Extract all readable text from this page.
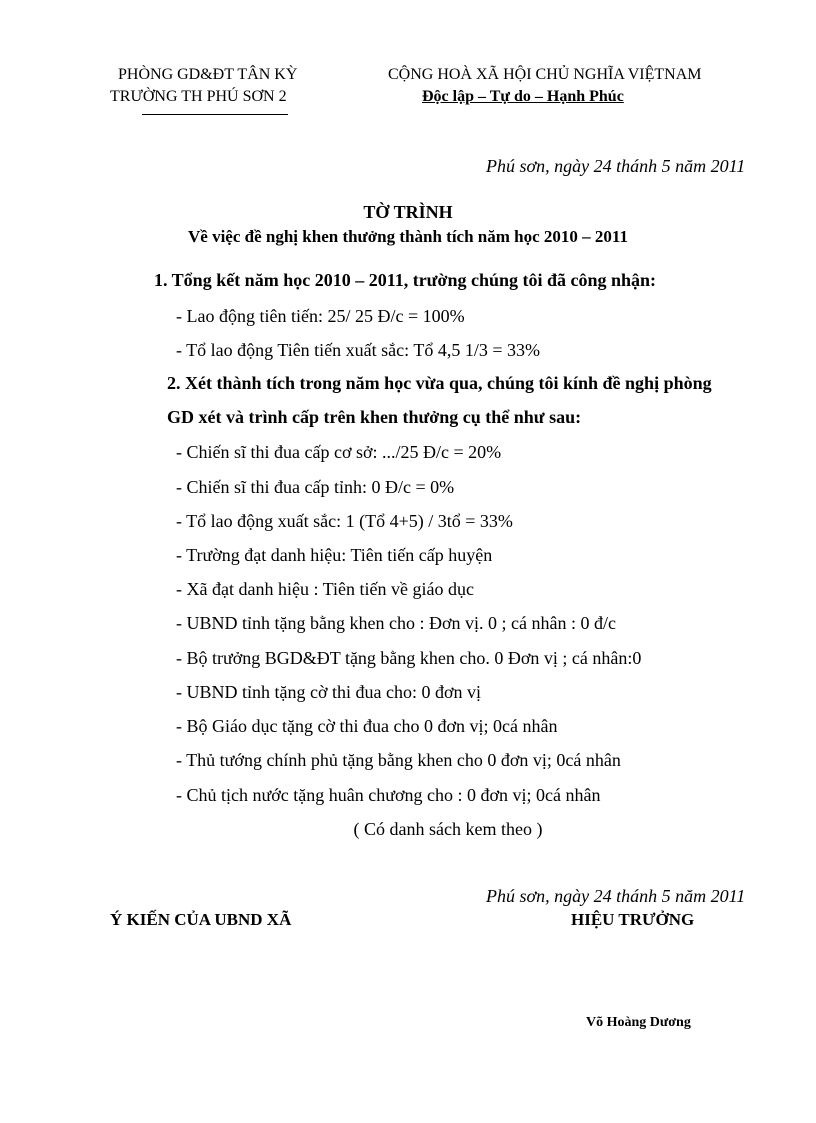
PHÒNG GD&ĐT TÂN KỲ
TRƯỜNG TH PHÚ SƠN 2
CỘNG HOÀ XÃ HỘI CHỦ NGHĨA VIỆTNAM
Độc lập – Tự do – Hạnh Phúc
Phú sơn, ngày 24 thánh 5 năm 2011
TỜ TRÌNH
Về việc đề nghị khen thưởng thành tích năm học 2010 – 2011
1. Tổng kết năm học 2010 – 2011, trường chúng tôi đã công nhận:
- Lao động tiên tiến: 25/ 25 Đ/c = 100%
- Tổ lao động Tiên tiến xuất sắc: Tổ 4,5 1/3 = 33%
2. Xét thành tích trong năm học vừa qua, chúng tôi kính đề nghị phòng
GD xét và trình cấp trên khen thưởng cụ thể như sau:
- Chiến sĩ thi đua cấp cơ sở: .../25 Đ/c = 20%
- Chiến sĩ thi đua cấp tỉnh: 0 Đ/c = 0%
- Tổ lao động xuất sắc: 1 (Tổ 4+5) / 3tổ = 33%
- Trường đạt danh hiệu: Tiên tiến cấp huyện
- Xã đạt danh hiệu : Tiên tiến về giáo dục
- UBND tỉnh tặng bằng khen cho : Đơn vị. 0 ; cá nhân : 0 đ/c
- Bộ trưởng BGD&ĐT tặng bằng khen cho. 0 Đơn vị ; cá nhân:0
- UBND tỉnh tặng cờ thi đua cho: 0 đơn vị
- Bộ Giáo dục tặng cờ thi đua cho 0 đơn vị; 0cá nhân
- Thủ tướng chính phủ tặng bằng khen cho 0 đơn vị; 0cá nhân
- Chủ tịch nước tặng huân chương cho : 0 đơn vị; 0cá nhân
( Có danh sách kem theo )
Phú sơn, ngày 24 thánh 5 năm 2011
Ý KIẾN CỦA UBND XÃ	HIỆU TRƯỞNG
Võ Hoàng Dương
